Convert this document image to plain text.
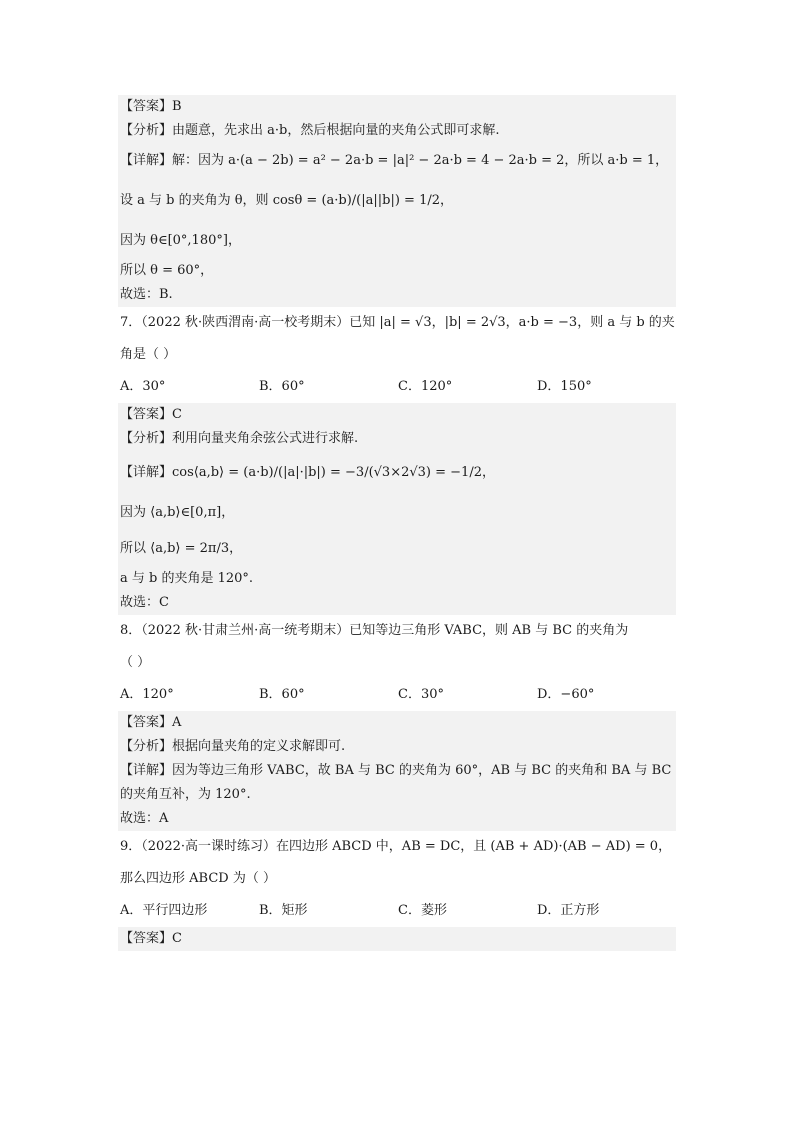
【答案】B
【分析】由题意，先求出 a·b，然后根据向量的夹角公式即可求解.
【详解】解：因为 a·(a − 2b) = a² − 2a·b = |a|² − 2a·b = 4 − 2a·b = 2，所以 a·b = 1，
设 a 与 b 的夹角为 θ，则 cosθ = (a·b)/(|a||b|) = 1/2，
因为 θ∈[0°,180°]，
所以 θ = 60°，
故选：B.
7．（2022 秋·陕西渭南·高一校考期末）已知 |a| = √3，|b| = 2√3，a·b = −3，则 a 与 b 的夹
角是（ ）
A．30°	B．60°	C．120°	D．150°
【答案】C
【分析】利用向量夹角余弦公式进行求解.
【详解】cos⟨a,b⟩ = (a·b)/(|a|·|b|) = −3/(√3×2√3) = −1/2，
因为 ⟨a,b⟩∈[0,π]，
所以 ⟨a,b⟩ = 2π/3，
a 与 b 的夹角是 120°.
故选：C
8．（2022 秋·甘肃兰州·高一统考期末）已知等边三角形 VABC，则 AB 与 BC 的夹角为
（ ）
A．120°	B．60°	C．30°	D．−60°
【答案】A
【分析】根据向量夹角的定义求解即可.
【详解】因为等边三角形 VABC，故 BA 与 BC 的夹角为 60°，AB 与 BC 的夹角和 BA 与 BC
的夹角互补，为 120°.
故选：A
9．（2022·高一课时练习）在四边形 ABCD 中，AB = DC，且 (AB + AD)·(AB − AD) = 0，
那么四边形 ABCD 为（ ）
A．平行四边形	B．矩形	C．菱形	D．正方形
【答案】C
